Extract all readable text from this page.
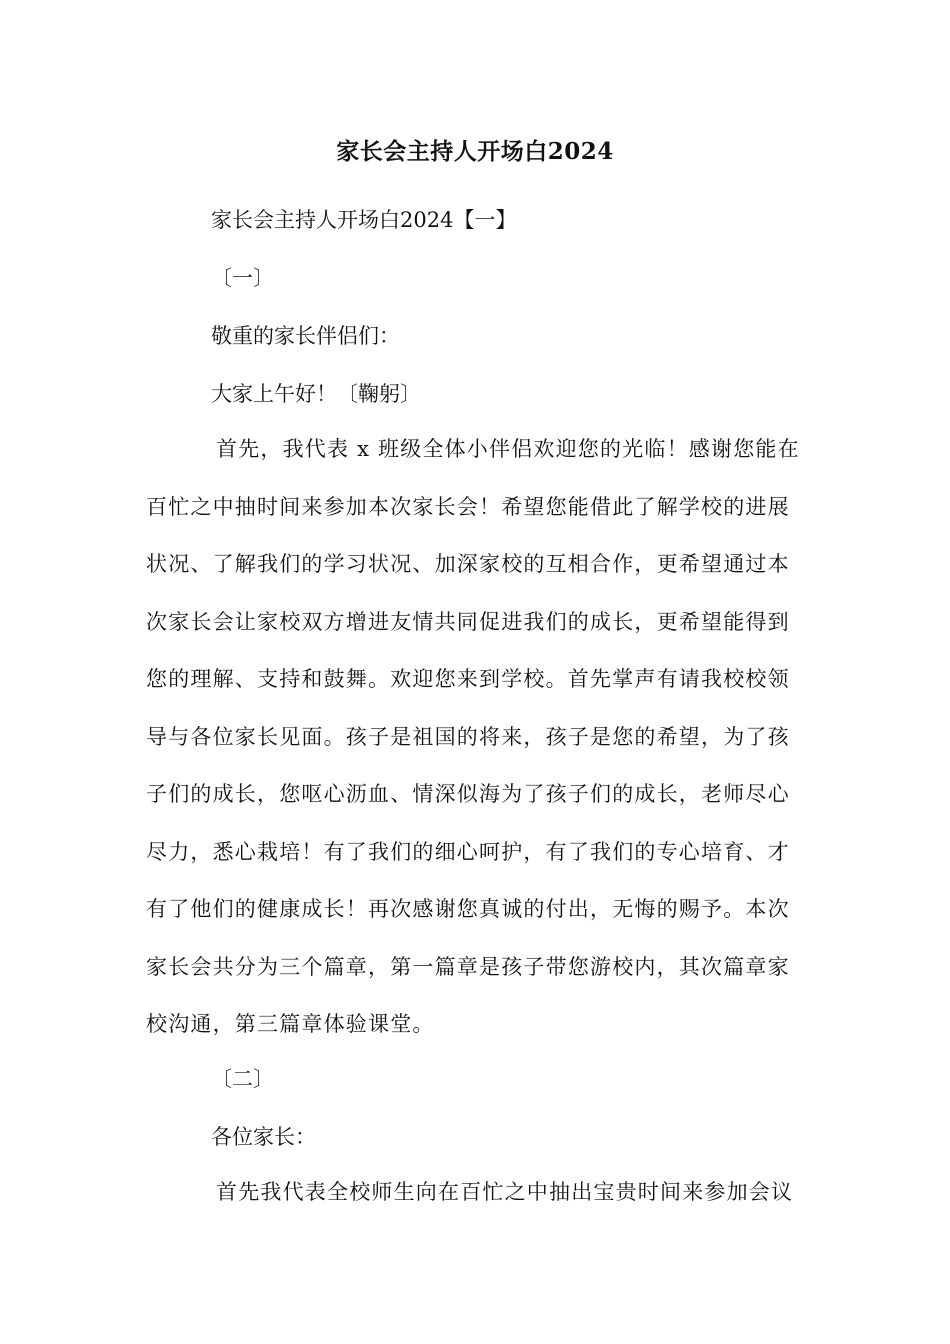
家长会主持人开场白2024
家长会主持人开场白2024【一】
〔一〕
敬重的家长伴侣们：
大家上午好！〔鞠躬〕

首先，我代表 x 班级全体小伴侣欢迎您的光临！感谢您能在

百忙之中抽时间来参加本次家长会！希望您能借此了解学校的进展

状况、了解我们的学习状况、加深家校的互相合作，更希望通过本

次家长会让家校双方增进友情共同促进我们的成长，更希望能得到

您的理解、支持和鼓舞。欢迎您来到学校。首先掌声有请我校校领

导与各位家长见面。孩子是祖国的将来，孩子是您的希望，为了孩

子们的成长，您呕心沥血、情深似海为了孩子们的成长，老师尽心

尽力，悉心栽培！有了我们的细心呵护，有了我们的专心培育、才

有了他们的健康成长！再次感谢您真诚的付出，无悔的赐予。本次

家长会共分为三个篇章，第一篇章是孩子带您游校内，其次篇章家

校沟通，第三篇章体验课堂。

〔二〕
各位家长：

首先我代表全校师生向在百忙之中抽出宝贵时间来参加会议
